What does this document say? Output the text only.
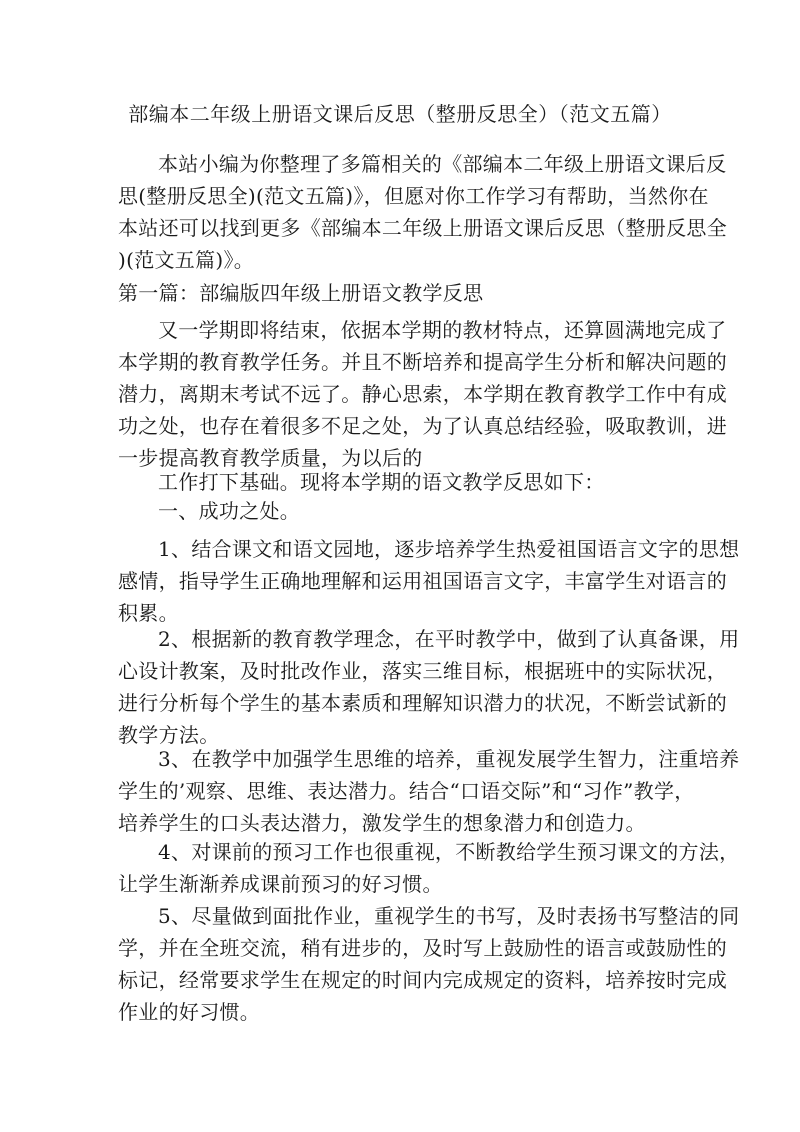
部编本二年级上册语文课后反思（整册反思全）（范文五篇）
本站小编为你整理了多篇相关的《部编本二年级上册语文课后反
思(整册反思全)(范文五篇)》，但愿对你工作学习有帮助，当然你在
本站还可以找到更多《部编本二年级上册语文课后反思（整册反思全
)(范文五篇)》。
第一篇：部编版四年级上册语文教学反思
又一学期即将结束，依据本学期的教材特点，还算圆满地完成了
本学期的教育教学任务。并且不断培养和提高学生分析和解决问题的
潜力，离期末考试不远了。静心思索，本学期在教育教学工作中有成
功之处，也存在着很多不足之处，为了认真总结经验，吸取教训，进
一步提高教育教学质量，为以后的
工作打下基础。现将本学期的语文教学反思如下：
一、成功之处。
1、结合课文和语文园地，逐步培养学生热爱祖国语言文字的思想
感情，指导学生正确地理解和运用祖国语言文字，丰富学生对语言的
积累。
2、根据新的教育教学理念，在平时教学中，做到了认真备课，用
心设计教案，及时批改作业，落实三维目标，根据班中的实际状况，
进行分析每个学生的基本素质和理解知识潜力的状况，不断尝试新的
教学方法。
3、在教学中加强学生思维的培养，重视发展学生智力，注重培养
学生的’观察、思维、表达潜力。结合“口语交际”和“习作”教学，
培养学生的口头表达潜力，激发学生的想象潜力和创造力。
4、对课前的预习工作也很重视，不断教给学生预习课文的方法，
让学生渐渐养成课前预习的好习惯。
5、尽量做到面批作业，重视学生的书写，及时表扬书写整洁的同
学，并在全班交流，稍有进步的，及时写上鼓励性的语言或鼓励性的
标记，经常要求学生在规定的时间内完成规定的资料，培养按时完成
作业的好习惯。
